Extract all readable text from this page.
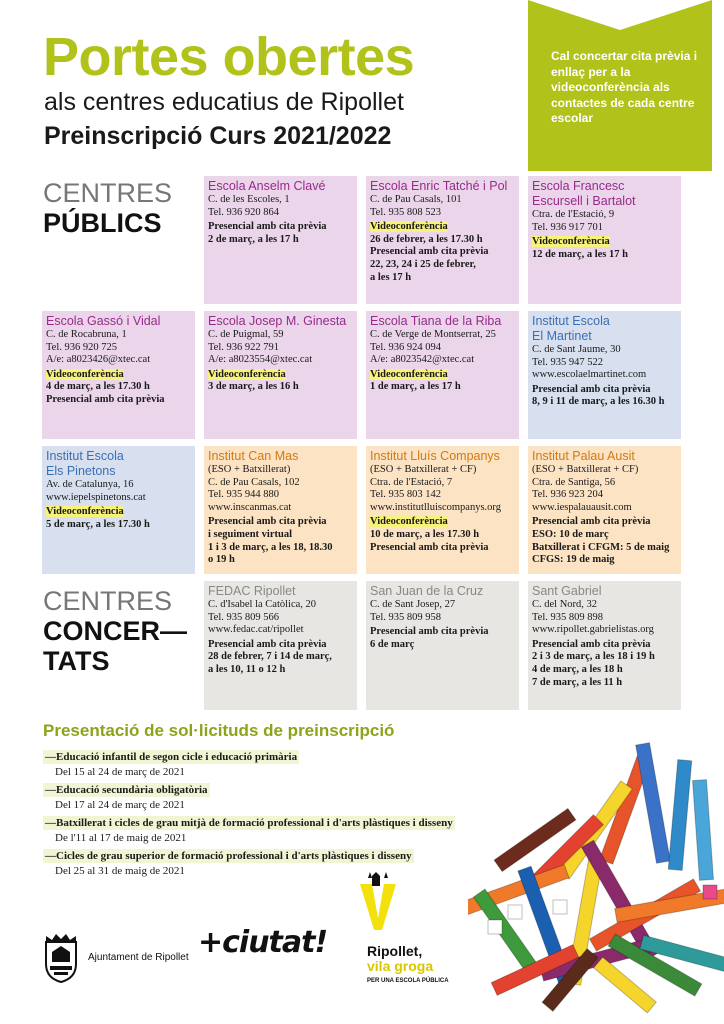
Portes obertes
als centres educatius de Ripollet
Preinscripció Curs 2021/2022
Cal concertar cita prèvia i enllaç per a la videoconferència als contactes de cada centre escolar
CENTRES
PÚBLICS
CENTRES
CONCER—
TATS
Escola Anselm Clavé
C. de les Escoles, 1
Tel. 936 920 864
Presencial amb cita prèvia
2 de març, a les 17 h
Escola Enric Tatché i Pol
C. de Pau Casals, 101
Tel. 935 808 523
Videoconferència
26 de febrer, a les 17.30 h
Presencial amb cita prèvia
22, 23, 24 i 25 de febrer,
a les 17 h
Escola Francesc
Escursell i Bartalot
Ctra. de l'Estació, 9
Tel. 936 917 701
Videoconferència
12 de març, a les 17 h
Escola Gassó i Vidal
C. de Rocabruna, 1
Tel. 936 920 725
A/e: a8023426@xtec.cat
Videoconferència
4 de març, a les 17.30 h
Presencial amb cita prèvia
Escola Josep M. Ginesta
C. de Puigmal, 59
Tel. 936 922 791
A/e: a8023554@xtec.cat
Videoconferència
3 de març, a les 16 h
Escola Tiana de la Riba
C. de Verge de Montserrat, 25
Tel. 936 924 094
A/e: a8023542@xtec.cat
Videoconferència
1 de març, a les 17 h
Institut Escola
El Martinet
C. de Sant Jaume, 30
Tel. 935 947 522
www.escolaelmartinet.com
Presencial amb cita prèvia
8, 9 i 11 de març, a les 16.30 h
Institut Escola
Els Pinetons
Av. de Catalunya, 16
www.iepelspinetons.cat
Videoconferència
5 de març, a les 17.30 h
Institut Can Mas
(ESO + Batxillerat)
C. de Pau Casals, 102
Tel. 935 944 880
www.inscanmas.cat
Presencial amb cita prèvia
i seguiment virtual
1 i 3 de març, a les 18, 18.30
o 19 h
Institut Lluís Companys
(ESO + Batxillerat + CF)
Ctra. de l'Estació, 7
Tel. 935 803 142
www.institutlluiscompanys.org
Videoconferència
10 de març, a les 17.30 h
Presencial amb cita prèvia
Institut Palau Ausit
(ESO + Batxillerat + CF)
Ctra. de Santiga, 56
Tel. 936 923 204
www.iespalauausit.com
Presencial amb cita prèvia
ESO: 10 de març
Batxillerat i CFGM: 5 de maig
CFGS: 19 de maig
FEDAC Ripollet
C. d'Isabel la Catòlica, 20
Tel. 935 809 566
www.fedac.cat/ripollet
Presencial amb cita prèvia
28 de febrer, 7 i 14 de març,
a les 10, 11 o 12 h
San Juan de la Cruz
C. de Sant Josep, 27
Tel. 935 809 958
Presencial amb cita prèvia
6 de març
Sant Gabriel
C. del Nord, 32
Tel. 935 809 898
www.ripollet.gabrielistas.org
Presencial amb cita prèvia
2 i 3 de març, a les 18 i 19 h
4 de març, a les 18 h
7 de març, a les 11 h
Presentació de sol·licituds de preinscripció
—Educació infantil de segon cicle i educació primària
Del 15 al 24 de març de 2021
—Educació secundària obligatòria
Del 17 al 24 de març de 2021
—Batxillerat i cicles de grau mitjà de formació professional i d'arts plàstiques i disseny
De l'11 al 17 de maig de 2021
—Cicles de grau superior de formació professional i d'arts plàstiques i disseny
Del 25 al 31 de maig de 2021
Ajuntament de Ripollet +ciutat!	Ripollet,
vila groga
PER UNA ESCOLA PÚBLICA
